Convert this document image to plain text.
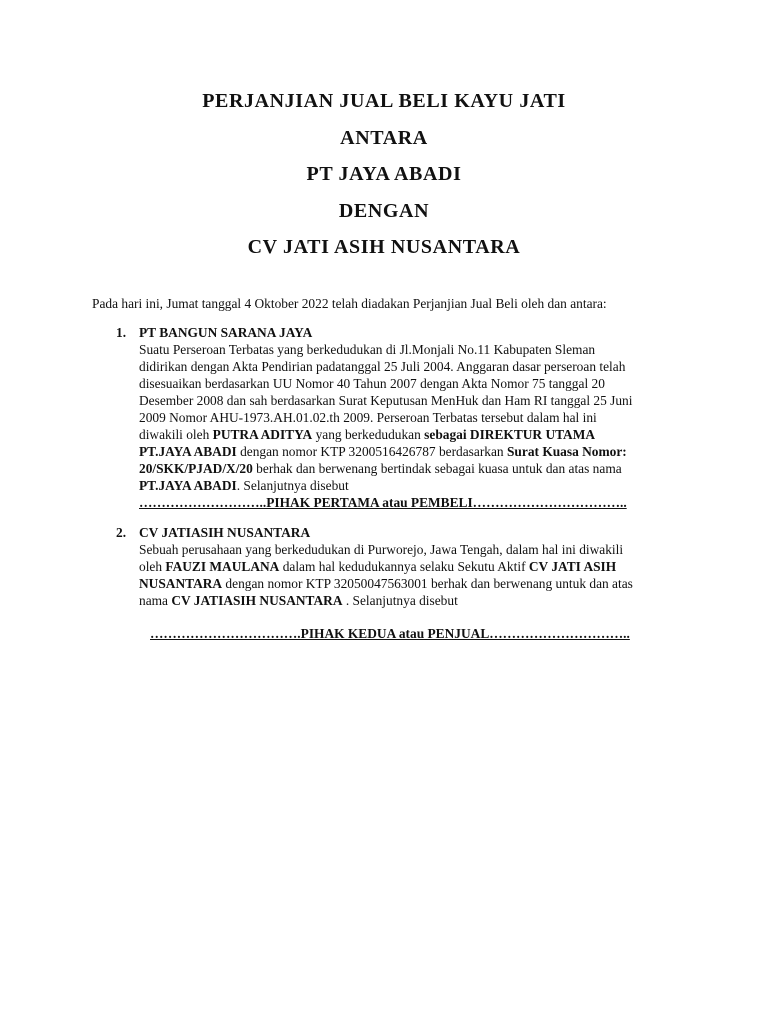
PERJANJIAN JUAL BELI KAYU JATI
ANTARA
PT JAYA ABADI
DENGAN
CV JATI ASIH NUSANTARA
Pada hari ini, Jumat tanggal 4 Oktober 2022 telah diadakan Perjanjian Jual Beli oleh dan antara:
1. PT BANGUN SARANA JAYA
Suatu Perseroan Terbatas yang berkedudukan di Jl.Monjali No.11 Kabupaten Sleman
didirikan dengan Akta Pendirian padatanggal 25 Juli 2004. Anggaran dasar perseroan telah
disesuaikan berdasarkan UU Nomor 40 Tahun 2007 dengan Akta Nomor 75 tanggal 20
Desember 2008 dan sah berdasarkan Surat Keputusan MenHuk dan Ham RI tanggal 25 Juni
2009 Nomor AHU-1973.AH.01.02.th 2009. Perseroan Terbatas tersebut dalam hal ini
diwakili oleh PUTRA ADITYA yang berkedudukan sebagai DIREKTUR UTAMA
PT.JAYA ABADI dengan nomor KTP 3200516426787 berdasarkan Surat Kuasa Nomor:
20/SKK/PJAD/X/20 berhak dan berwenang bertindak sebagai kuasa untuk dan atas nama
PT.JAYA ABADI. Selanjutnya disebut
………………………..PIHAK PERTAMA atau PEMBELI……………………………..
2. CV JATIASIH NUSANTARA
Sebuah perusahaan yang berkedudukan di Purworejo, Jawa Tengah, dalam hal ini diwakili
oleh FAUZI MAULANA dalam hal kedudukannya selaku Sekutu Aktif CV JATI ASIH
NUSANTARA dengan nomor KTP 32050047563001 berhak dan berwenang untuk dan atas
nama CV JATIASIH NUSANTARA . Selanjutnya disebut
…………………………….PIHAK KEDUA atau PENJUAL…………………………..
